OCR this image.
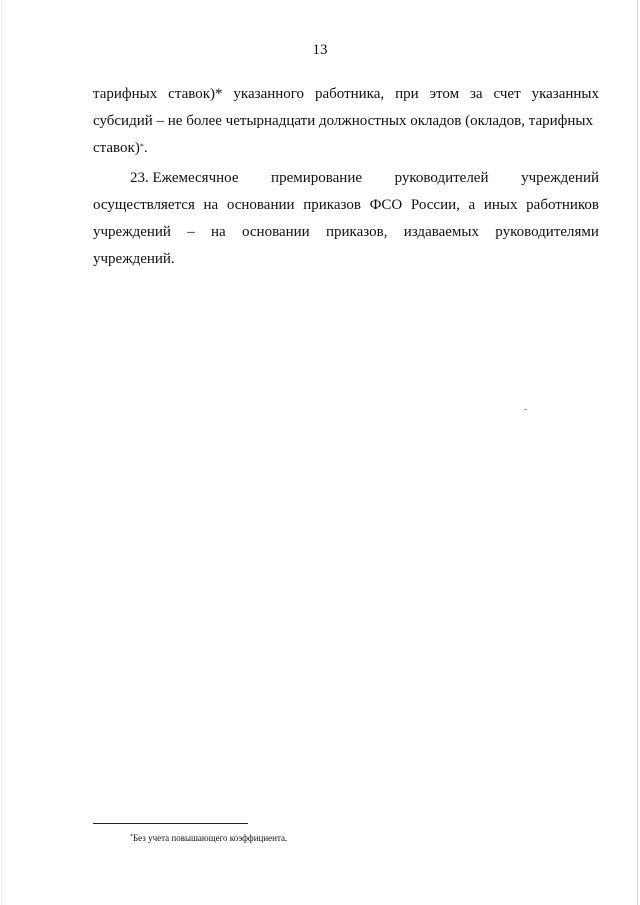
13
тарифных ставок)* указанного работника, при этом за счет указанных
субсидий – не более четырнадцати должностных окладов (окладов, тарифных
ставок)*.
23. Ежемесячное премирование руководителей учреждений
осуществляется на основании приказов ФСО России, а иных работников
учреждений – на основании приказов, издаваемых руководителями
учреждений.
*Без учета повышающего коэффициента.
